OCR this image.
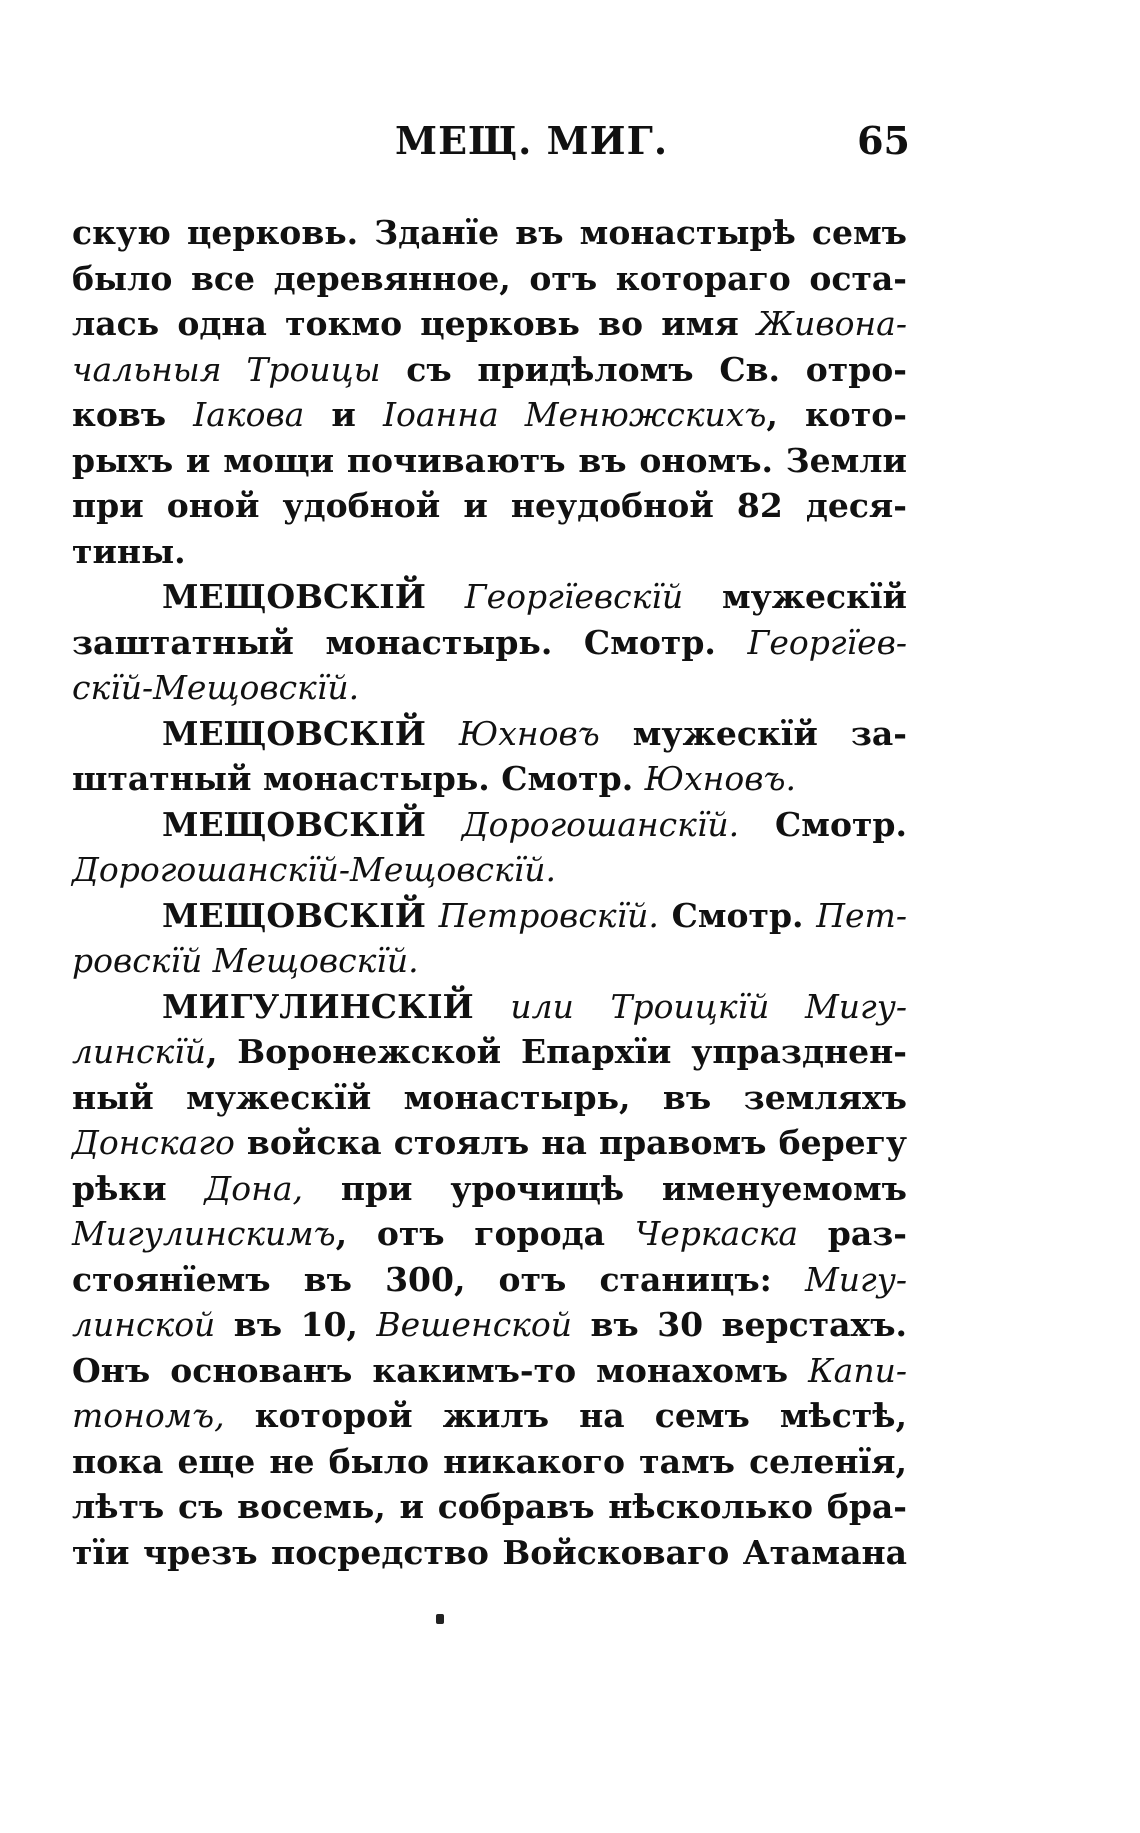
МЕЩ. МИГ.	65
скую церковь. Зданїе въ монастырѣ семъ
было все деревянное, отъ котораго оста-
лась одна токмо церковь во имя Живона-
чальныя Троицы съ придѣломъ Св. отро-
ковъ Іакова и Іоанна Менюжскихъ, кото-
рыхъ и мощи почиваютъ въ ономъ. Земли
при оной удобной и неудобной 82 деся-
тины.
МЕЩОВСКІЙ Георгїевскїй мужескїй
заштатный монастырь. Смотр. Георгїев-
скїй-Мещовскїй.
МЕЩОВСКІЙ Юхновъ мужескїй за-
штатный монастырь. Смотр. Юхновъ.
МЕЩОВСКІЙ Дорогошанскїй. Смотр.
Дорогошанскїй-Мещовскїй.
МЕЩОВСКІЙ Петровскїй. Смотр. Пет-
ровскїй Мещовскїй.
МИГУЛИНСКІЙ или Троицкїй Мигу-
линскїй, Воронежской Епархїи упразднен-
ный мужескїй монастырь, въ земляхъ
Донскаго войска стоялъ на правомъ берегу
рѣки Дона, при урочищѣ именуемомъ
Мигулинскимъ, отъ города Черкаска раз-
стоянїемъ въ 300, отъ станицъ: Мигу-
линской въ 10, Вешенской въ 30 верстахъ.
Онъ основанъ какимъ-то монахомъ Капи-
тономъ, которой жилъ на семъ мѣстѣ,
пока еще не было никакого тамъ селенїя,
лѣтъ съ восемь, и собравъ нѣсколько бра-
тїи чрезъ посредство Войсковаго Атамана
